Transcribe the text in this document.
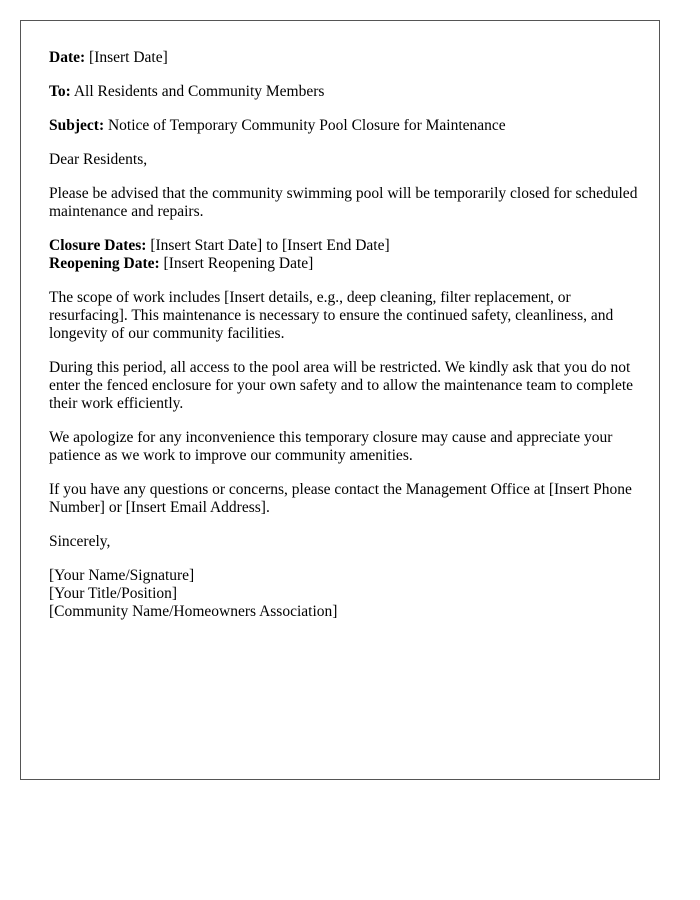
Date: [Insert Date]

To: All Residents and Community Members

Subject: Notice of Temporary Community Pool Closure for Maintenance

Dear Residents,

Please be advised that the community swimming pool will be temporarily closed for scheduled maintenance and repairs.

Closure Dates: [Insert Start Date] to [Insert End Date]
Reopening Date: [Insert Reopening Date]

The scope of work includes [Insert details, e.g., deep cleaning, filter replacement, or resurfacing]. This maintenance is necessary to ensure the continued safety, cleanliness, and longevity of our community facilities.

During this period, all access to the pool area will be restricted. We kindly ask that you do not enter the fenced enclosure for your own safety and to allow the maintenance team to complete their work efficiently.

We apologize for any inconvenience this temporary closure may cause and appreciate your patience as we work to improve our community amenities.

If you have any questions or concerns, please contact the Management Office at [Insert Phone Number] or [Insert Email Address].

Sincerely,

[Your Name/Signature]
[Your Title/Position]
[Community Name/Homeowners Association]
